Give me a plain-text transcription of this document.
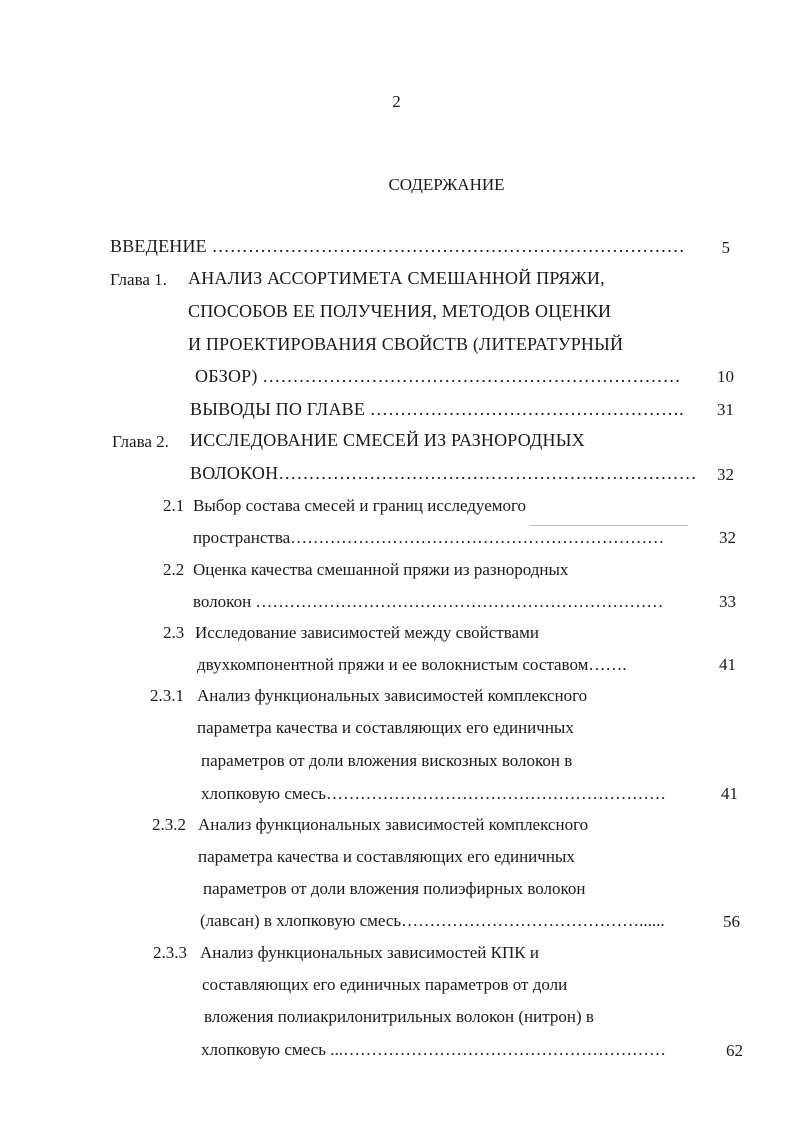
2
СОДЕРЖАНИЕ
ВВЕДЕНИЕ ……………………………………………………………………	5
Глава 1. АНАЛИЗ АССОРТИМЕТА СМЕШАННОЙ ПРЯЖИ,
СПОСОБОВ ЕЕ ПОЛУЧЕНИЯ, МЕТОДОВ ОЦЕНКИ
И ПРОЕКТИРОВАНИЯ СВОЙСТВ (ЛИТЕРАТУРНЫЙ
ОБЗОР) ……………………………………………………………	10
ВЫВОДЫ ПО ГЛАВЕ …………………………………………….	31
Глава 2. ИССЛЕДОВАНИЕ СМЕСЕЙ ИЗ РАЗНОРОДНЫХ
ВОЛОКОН……………………………………………………………	32
2.1 Выбор состава смесей и границ исследуемого
пространства…………………………………………………………	32
2.2 Оценка качества смешанной пряжи из разнородных
волокон ………………………………………………………………	33
2.3 Исследование зависимостей между свойствами
двухкомпонентной пряжи и ее волокнистым составом…….	41
2.3.1 Анализ функциональных зависимостей комплексного
параметра качества и составляющих его единичных
параметров от доли вложения вискозных волокон в
хлопковую смесь……………………………………………………	41
2.3.2 Анализ функциональных зависимостей комплексного
параметра качества и составляющих его единичных
параметров от доли вложения полиэфирных волокон
(лавсан) в хлопковую смесь……………………………………......	56
2.3.3 Анализ функциональных зависимостей КПК и
составляющих его единичных параметров от доли
вложения полиакрилонитрильных волокон (нитрон) в
хлопковую смесь ...…………………………………………………	62
